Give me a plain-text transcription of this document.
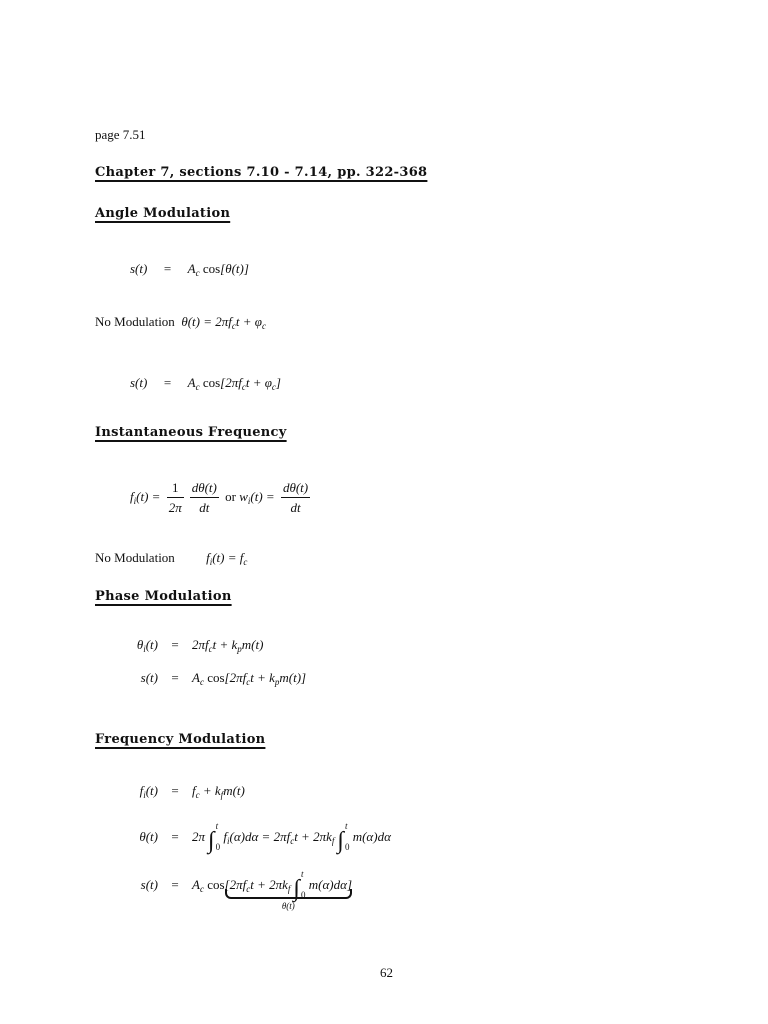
page 7.51
Chapter 7, sections 7.10 - 7.14, pp. 322-368
Angle Modulation
$s(t) = A_c$ cos[θ(t)]
No Modulation  $\theta(t) = 2\pi f_ct + \varphi_c$
$s(t) = A_c$ $\cos[2\pi f_ct + \varphi_c]$
Instantaneous Frequency
$f_i(t) = \frac{1}{2\pi} \frac{d\theta(t)}{dt}$ or $w_i(t) = \frac{d\theta(t)}{dt}$
No Modulation $f_i(t) = f_c$
Phase Modulation
$\theta_i(t) = 2\pi f_ct + k_pm(t)$
$s(t) = A_c$ $\cos[2\pi f_ct + k_pm(t)]$
Frequency Modulation
$f_i(t) = f_c + k_fm(t)$
θ(t) = 2π ∫
t
0
$f_i(\alpha)d\alpha = 2\pi f_ct + 2\pi k_f$ ∫
t
0
m(α)dα
$s(t) = A_c$ $\cos[2\pi f_ct + 2\pi k_f$ ∫
t
0
m(α)dα]
θ(t)
62
